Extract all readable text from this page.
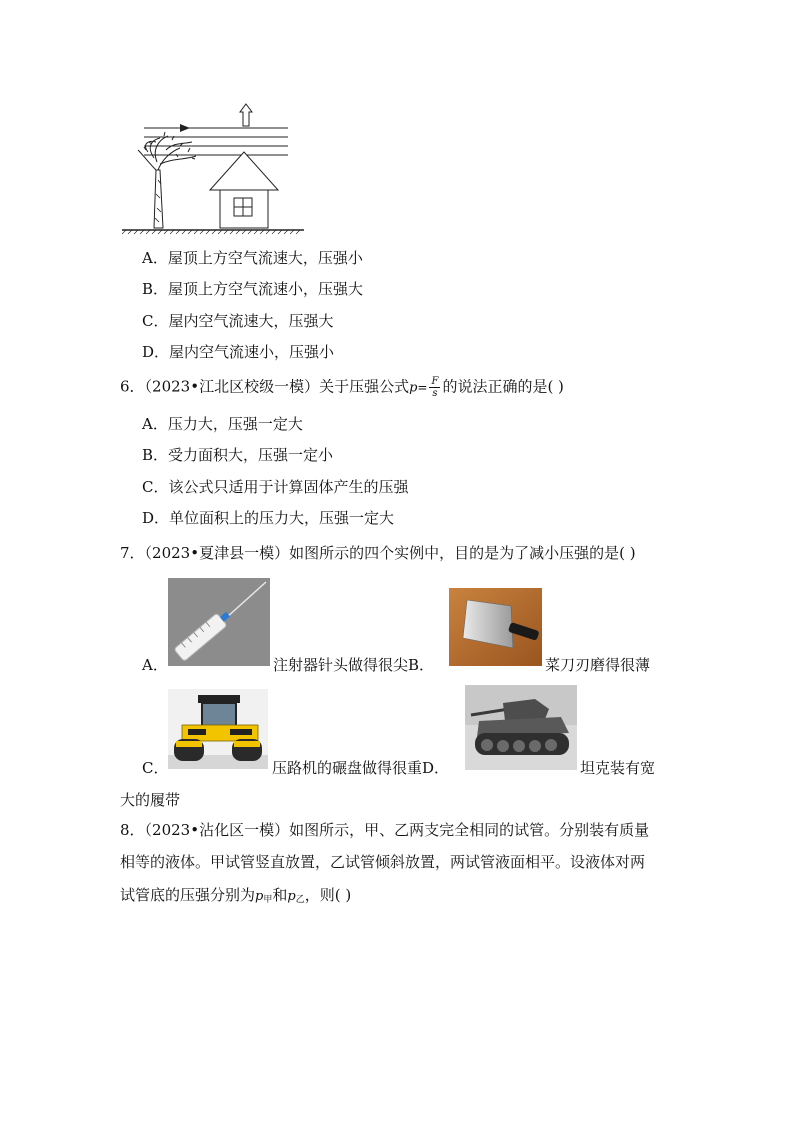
A．屋顶上方空气流速大，压强小
B．屋顶上方空气流速小，压强大
C．屋内空气流速大，压强大
D．屋内空气流速小，压强小
6．（2023•江北区校级一模）关于压强公式$p= \frac{F}{s}$ 的说法正确的是( )
A．压力大，压强一定大
B．受力面积大，压强一定小
C．该公式只适用于计算固体产生的压强
D．单位面积上的压力大，压强一定大
7．（2023•夏津县一模）如图所示的四个实例中，目的是为了减小压强的是( )
A．	注射器针头做得很尖B．	菜刀刃磨得很薄
C．	压路机的碾盘做得很重D．	坦克装有宽
大的履带
8．（2023•沾化区一模）如图所示，甲、乙两支完全相同的试管。分别装有质量
相等的液体。甲试管竖直放置，乙试管倾斜放置，两试管液面相平。设液体对两
试管底的压强分别为$p_甲$和$p_乙$，则( )
